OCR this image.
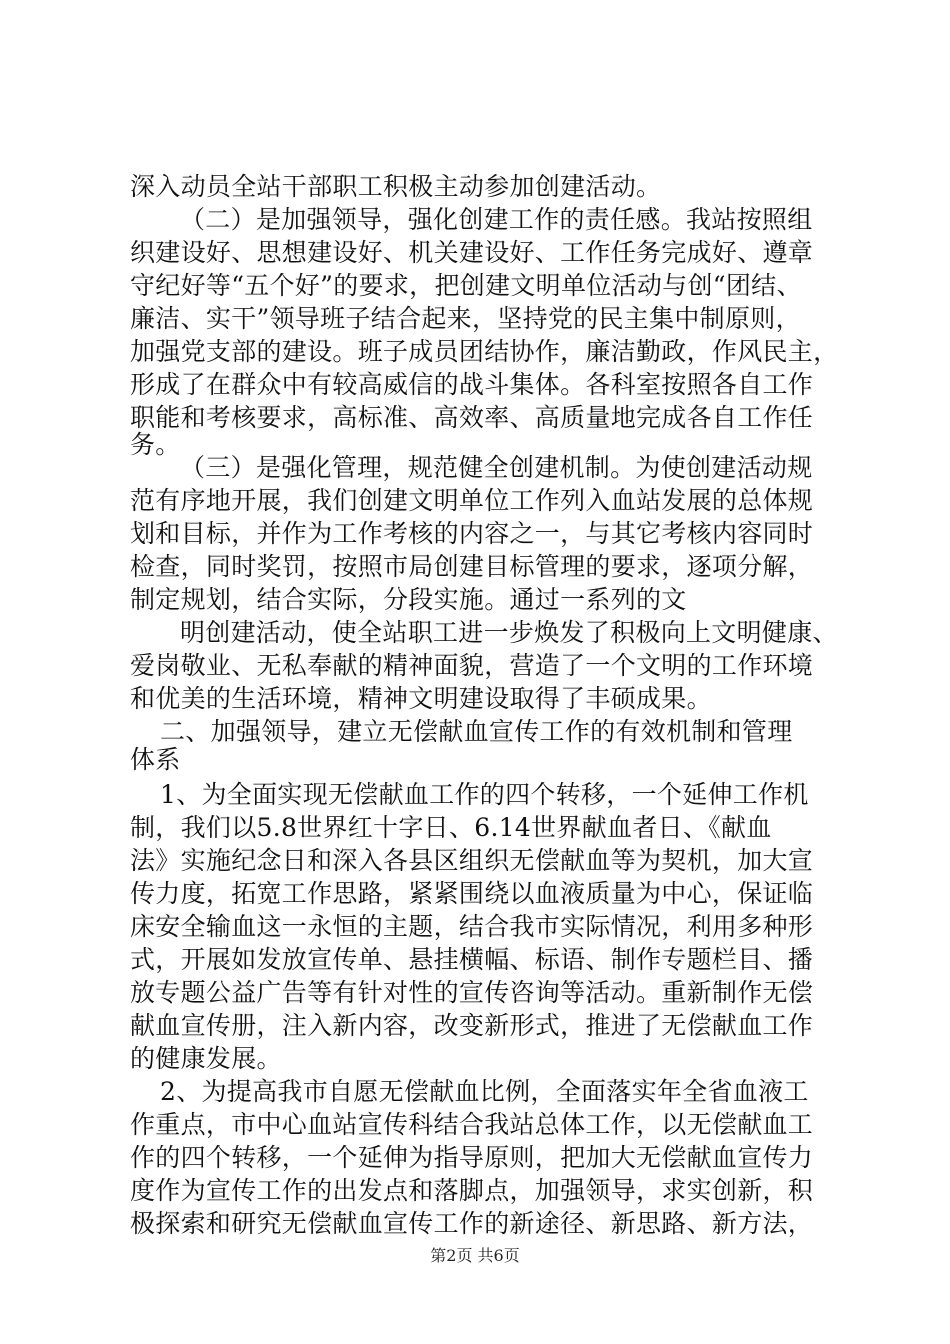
深入动员全站干部职工积极主动参加创建活动。
（二）是加强领导，强化创建工作的责任感。我站按照组
织建设好、思想建设好、机关建设好、工作任务完成好、遵章
守纪好等“五个好”的要求，把创建文明单位活动与创“团结、
廉洁、实干”领导班子结合起来，坚持党的民主集中制原则，
加强党支部的建设。班子成员团结协作，廉洁勤政，作风民主，
形成了在群众中有较高威信的战斗集体。各科室按照各自工作
职能和考核要求，高标准、高效率、高质量地完成各自工作任
务。
（三）是强化管理，规范健全创建机制。为使创建活动规
范有序地开展，我们创建文明单位工作列入血站发展的总体规
划和目标，并作为工作考核的内容之一，与其它考核内容同时
检查，同时奖罚，按照市局创建目标管理的要求，逐项分解，
制定规划，结合实际，分段实施。通过一系列的文
明创建活动，使全站职工进一步焕发了积极向上文明健康、
爱岗敬业、无私奉献的精神面貌，营造了一个文明的工作环境
和优美的生活环境，精神文明建设取得了丰硕成果。
二、加强领导，建立无偿献血宣传工作的有效机制和管理
体系
1、为全面实现无偿献血工作的四个转移，一个延伸工作机
制，我们以5.8世界红十字日、6.14世界献血者日、《献血
法》实施纪念日和深入各县区组织无偿献血等为契机，加大宣
传力度，拓宽工作思路，紧紧围绕以血液质量为中心，保证临
床安全输血这一永恒的主题，结合我市实际情况，利用多种形
式，开展如发放宣传单、悬挂横幅、标语、制作专题栏目、播
放专题公益广告等有针对性的宣传咨询等活动。重新制作无偿
献血宣传册，注入新内容，改变新形式，推进了无偿献血工作
的健康发展。
2、为提高我市自愿无偿献血比例，全面落实年全省血液工
作重点，市中心血站宣传科结合我站总体工作，以无偿献血工
作的四个转移，一个延伸为指导原则，把加大无偿献血宣传力
度作为宣传工作的出发点和落脚点，加强领导，求实创新，积
极探索和研究无偿献血宣传工作的新途径、新思路、新方法，
第2页 共6页
